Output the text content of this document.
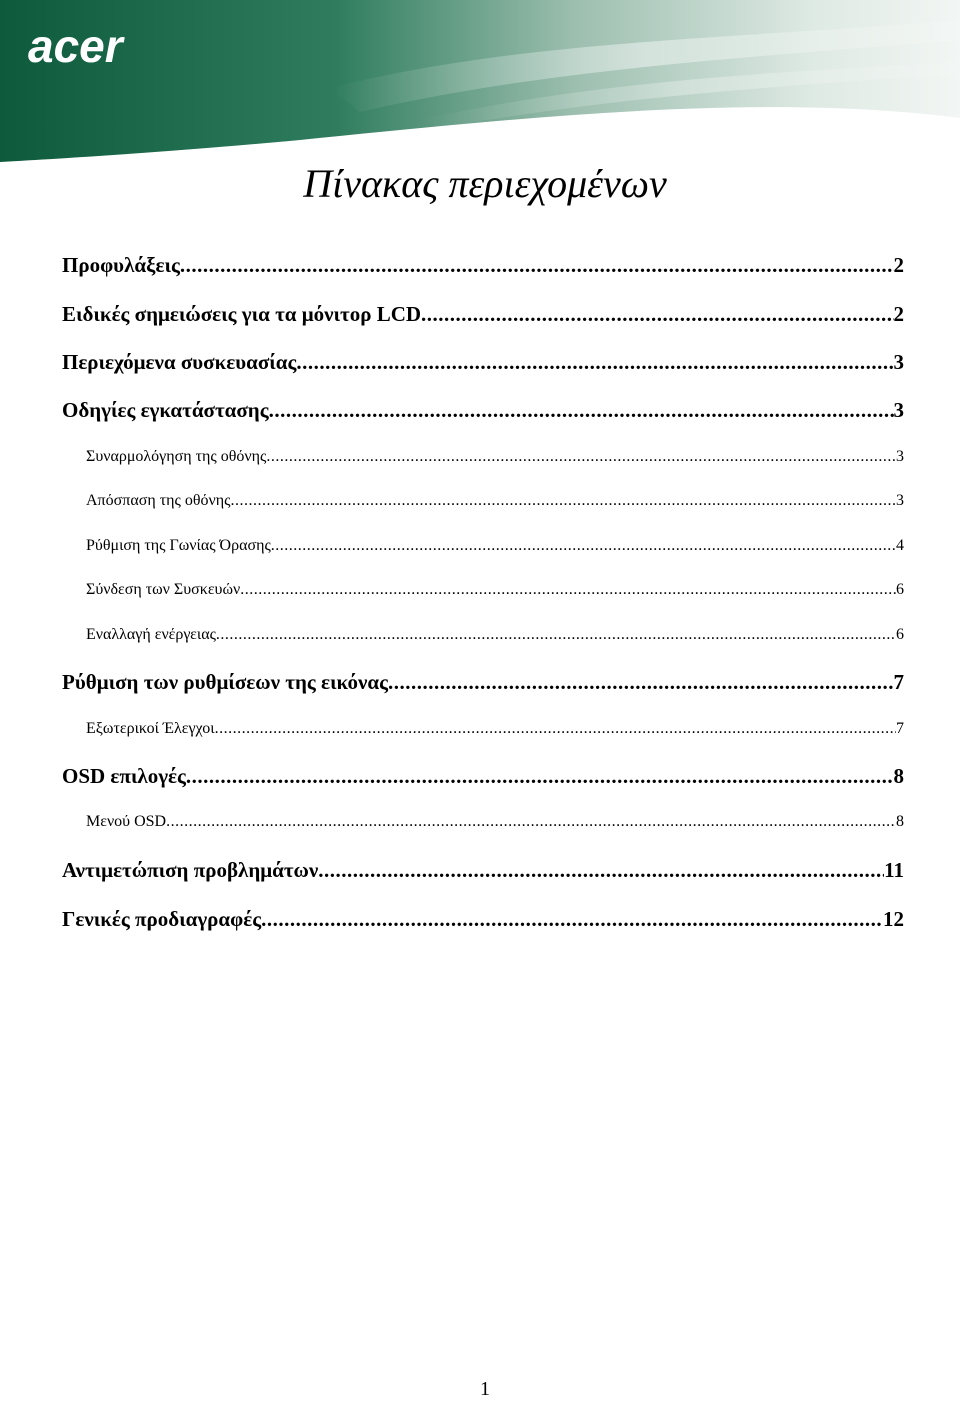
acer
Πίνακας περιεχομένων
Προφυλάξεις .....	2
Ειδικές σημειώσεις για τα μόνιτορ LCD .....	2
Περιεχόμενα συσκευασίας .....	3
Οδηγίες εγκατάστασης .....	3
Συναρμολόγηση της οθόνης .....	3
Απόσπαση της οθόνης .....	3
Ρύθμιση της Γωνίας Όρασης .....	4
Σύνδεση των Συσκευών .....	6
Εναλλαγή ενέργειας .....	6
Ρύθμιση των ρυθμίσεων της εικόνας .....	7
Εξωτερικοί Έλεγχοι .....	7
OSD επιλογές .....	8
Μενού OSD .....	8
Αντιμετώπιση προβλημάτων .....	11
Γενικές προδιαγραφές .....	12
1
